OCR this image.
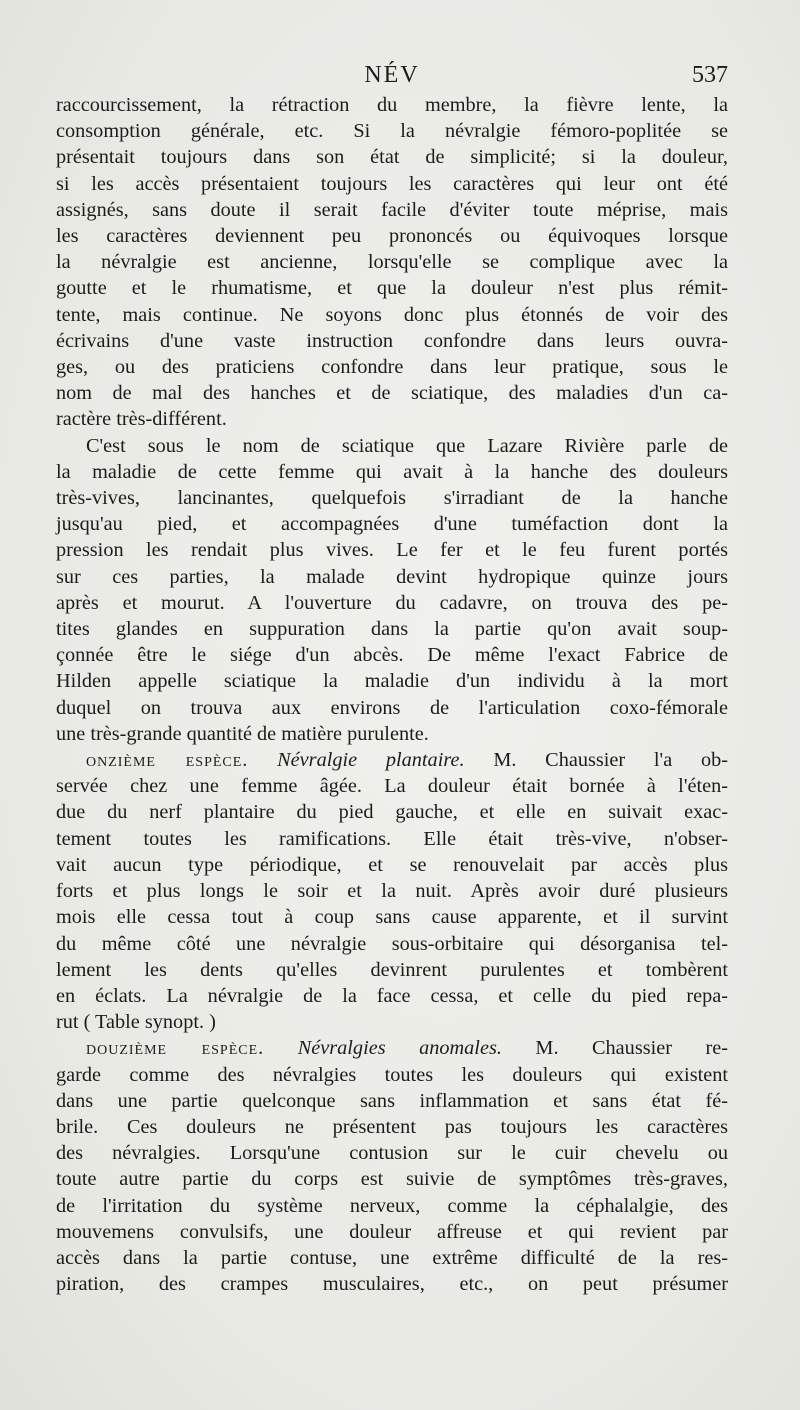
NÉV	537
raccourcissement, la rétraction du membre, la fièvre lente, la
consomption générale, etc. Si la névralgie fémoro-poplitée se
présentait toujours dans son état de simplicité; si la douleur,
si les accès présentaient toujours les caractères qui leur ont été
assignés, sans doute il serait facile d'éviter toute méprise, mais
les caractères deviennent peu prononcés ou équivoques lorsque
la névralgie est ancienne, lorsqu'elle se complique avec la
goutte et le rhumatisme, et que la douleur n'est plus rémit-
tente, mais continue. Ne soyons donc plus étonnés de voir des
écrivains d'une vaste instruction confondre dans leurs ouvra-
ges, ou des praticiens confondre dans leur pratique, sous le
nom de mal des hanches et de sciatique, des maladies d'un ca-
ractère très-différent.
C'est sous le nom de sciatique que Lazare Rivière parle de
la maladie de cette femme qui avait à la hanche des douleurs
très-vives, lancinantes, quelquefois s'irradiant de la hanche
jusqu'au pied, et accompagnées d'une tuméfaction dont la
pression les rendait plus vives. Le fer et le feu furent portés
sur ces parties, la malade devint hydropique quinze jours
après et mourut. A l'ouverture du cadavre, on trouva des pe-
tites glandes en suppuration dans la partie qu'on avait soup-
çonnée être le siége d'un abcès. De même l'exact Fabrice de
Hilden appelle sciatique la maladie d'un individu à la mort
duquel on trouva aux environs de l'articulation coxo-fémorale
une très-grande quantité de matière purulente.
onzième espèce. Névralgie plantaire. M. Chaussier l'a ob-
servée chez une femme âgée. La douleur était bornée à l'éten-
due du nerf plantaire du pied gauche, et elle en suivait exac-
tement toutes les ramifications. Elle était très-vive, n'obser-
vait aucun type périodique, et se renouvelait par accès plus
forts et plus longs le soir et la nuit. Après avoir duré plusieurs
mois elle cessa tout à coup sans cause apparente, et il survint
du même côté une névralgie sous-orbitaire qui désorganisa tel-
lement les dents qu'elles devinrent purulentes et tombèrent
en éclats. La névralgie de la face cessa, et celle du pied repa-
rut ( Table synopt. )
douzième espèce. Névralgies anomales. M. Chaussier re-
garde comme des névralgies toutes les douleurs qui existent
dans une partie quelconque sans inflammation et sans état fé-
brile. Ces douleurs ne présentent pas toujours les caractères
des névralgies. Lorsqu'une contusion sur le cuir chevelu ou
toute autre partie du corps est suivie de symptômes très-graves,
de l'irritation du système nerveux, comme la céphalalgie, des
mouvemens convulsifs, une douleur affreuse et qui revient par
accès dans la partie contuse, une extrême difficulté de la res-
piration, des crampes musculaires, etc., on peut présumer
